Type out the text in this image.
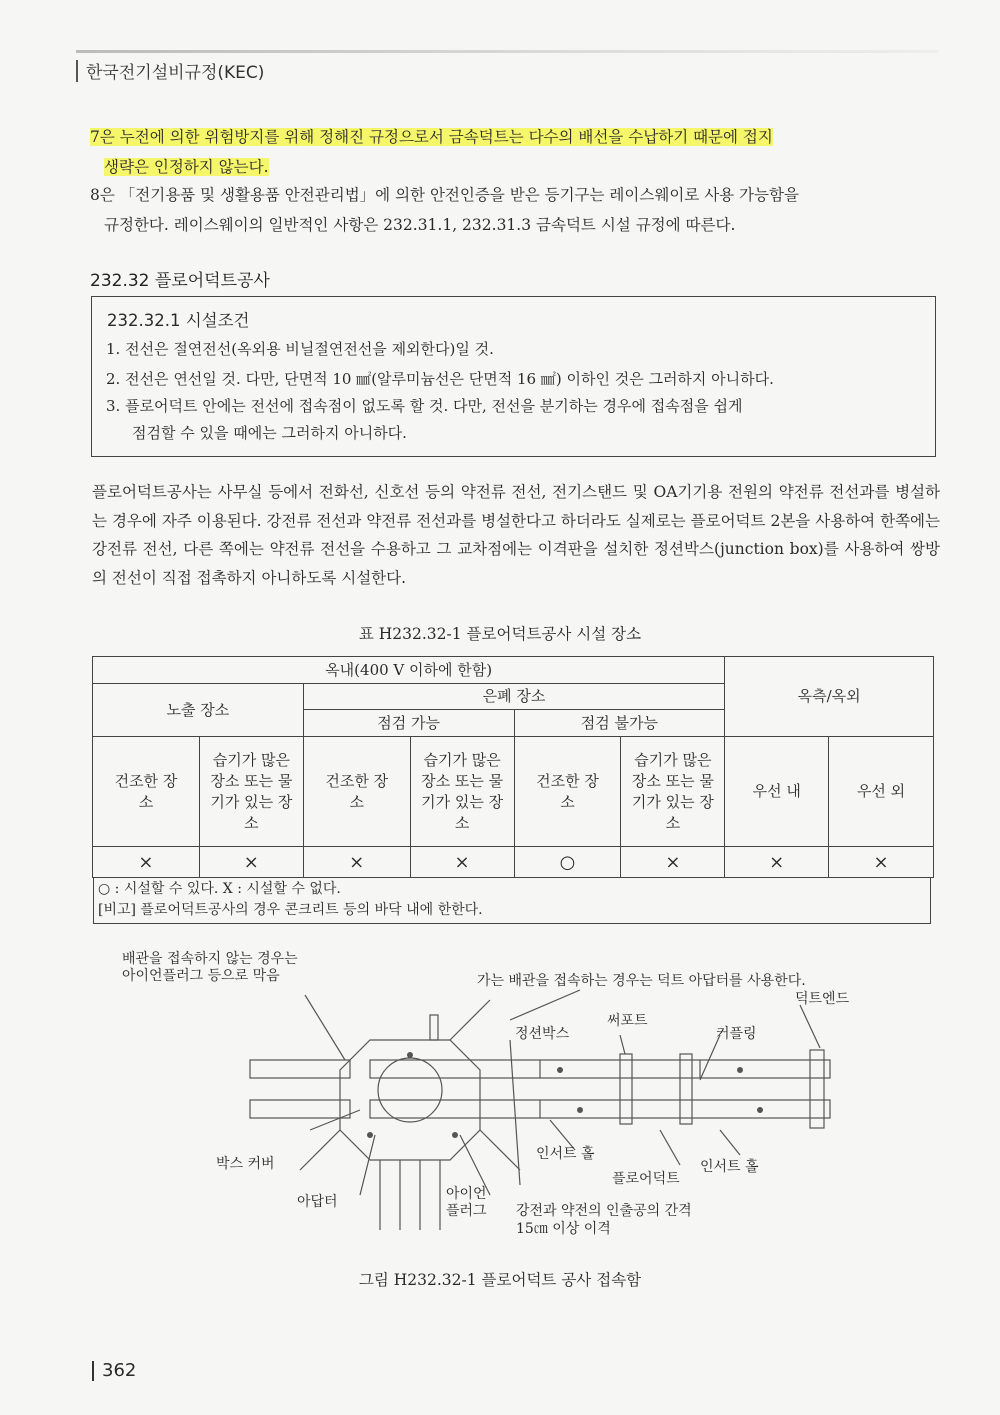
한국전기설비규정(KEC)
7은 누전에 의한 위험방지를 위해 정해진 규정으로서 금속덕트는 다수의 배선을 수납하기 때문에 접지
생략은 인정하지 않는다.
8은 「전기용품 및 생활용품 안전관리법」에 의한 안전인증을 받은 등기구는 레이스웨이로 사용 가능함을
규정한다. 레이스웨이의 일반적인 사항은 232.31.1, 232.31.3 금속덕트 시설 규정에 따른다.
232.32 플로어덕트공사
232.32.1 시설조건
1. 전선은 절연전선(옥외용 비닐절연전선을 제외한다)일 것.
2. 전선은 연선일 것. 다만, 단면적 10 ㎟(알루미늄선은 단면적 16 ㎟) 이하인 것은 그러하지 아니하다.
3. 플로어덕트 안에는 전선에 접속점이 없도록 할 것. 다만, 전선을 분기하는 경우에 접속점을 쉽게
점검할 수 있을 때에는 그러하지 아니하다.
플로어덕트공사는 사무실 등에서 전화선, 신호선 등의 약전류 전선, 전기스탠드 및 OA기기용 전원의 약전류 전선과를 병설하는 경우에 자주 이용된다. 강전류 전선과 약전류 전선과를 병설한다고 하더라도 실제로는 플로어덕트 2본을 사용하여 한쪽에는 강전류 전선, 다른 쪽에는 약전류 전선을 수용하고 그 교차점에는 이격판을 설치한 정션박스(junction box)를 사용하여 쌍방의 전선이 직접 접촉하지 아니하도록 시설한다.
표 H232.32-1 플로어덕트공사 시설 장소
옥내(400 V 이하에 한함)						옥측/옥외	
노출 장소		은폐 장소					
		점검 가능		점검 불가능			
건조한 장소	습기가 많은 장소 또는 물기가 있는 장소	건조한 장소	습기가 많은 장소 또는 물기가 있는 장소	건조한 장소	습기가 많은 장소 또는 물기가 있는 장소	우선 내	우선 외
×	×	×	×	○	×	×	×
○ : 시설할 수 있다. X : 시설할 수 없다.
[비고] 플로어덕트공사의 경우 콘크리트 등의 바닥 내에 한한다.
배관을 접속하지 않는 경우는
아이언플러그 등으로 막음	가는 배관을 접속하는 경우는 덕트 아답터를 사용한다.
덕트엔드
써포트
정션박스	커플링
인서트 홀
인서트 홀
플로어덕트
박스 커버
아답터	아이언
플러그 강전과 약전의 인출공의 간격
15㎝ 이상 이격
그림 H232.32-1 플로어덕트 공사 접속함
362
